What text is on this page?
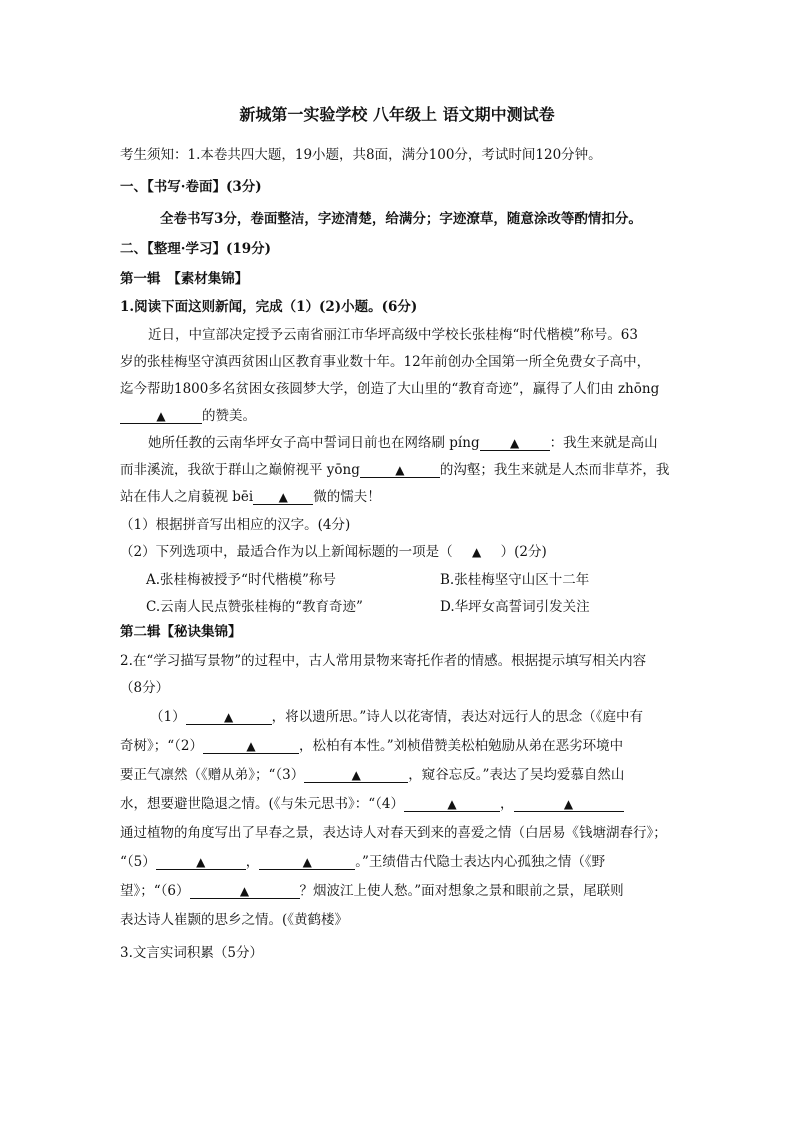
新城第一实验学校 八年级上 语文期中测试卷
考生须知：1.本卷共四大题，19小题，共8面，满分100分，考试时间120分钟。
一、【书写·卷面】(3分)
全卷书写3分，卷面整洁，字迹清楚，给满分；字迹潦草，随意涂改等酌情扣分。
二、【整理·学习】(19分)
第一辑　【素材集锦】
1.阅读下面这则新闻，完成（1）(2)小题。(6分)
近日，中宣部决定授予云南省丽江市华坪高级中学校长张桂梅“时代楷模”称号。63
岁的张桂梅坚守滇西贫困山区教育事业数十年。12年前创办全国第一所全免费女子高中，
迄今帮助1800多名贫困女孩圆梦大学，创造了大山里的“教育奇迹”，赢得了人们由 zhōng
▲	的赞美。
她所任教的云南华坪女子高中誓词日前也在网络刷 píng	▲ ：我生来就是高山
而非溪流，我欲于群山之巅俯视平 yōng	▲	的沟壑；我生来就是人杰而非草芥，我
站在伟人之肩藐视 bēi ▲ 微的懦夫！
（1）根据拼音写出相应的汉字。(4分)
（2）下列选项中，最适合作为以上新闻标题的一项是（ ▲ ）(2分)
A.张桂梅被授予“时代楷模”称号	B.张桂梅坚守山区十二年
C.云南人民点赞张桂梅的“教育奇迹”	D.华坪女高誓词引发关注
第二辑【秘诀集锦】
2.在“学习描写景物”的过程中，古人常用景物来寄托作者的情感。根据提示填写相关内容
（8分）
（1）	▲	，将以遗所思。”诗人以花寄情，表达对远行人的思念（《庭中有
奇树》；“（2）	▲	，松柏有本性。”刘桢借赞美松柏勉励从弟在恶劣环境中
要正气凛然（《赠从弟》；“（3）	▲	，窥谷忘反。”表达了吴均爱慕自然山
水，想要避世隐退之情。(《与朱元思书》：“（4）	▲	，	▲
通过植物的角度写出了早春之景，表达诗人对春天到来的喜爱之情（白居易《钱塘湖春行》；
“（5）	▲	，	▲	。”王绩借古代隐士表达内心孤独之情（《野
望》；“（6）	▲	？烟波江上使人愁。”面对想象之景和眼前之景，尾联则
表达诗人崔颢的思乡之情。(《黄鹤楼》
3.文言实词积累（5分）
